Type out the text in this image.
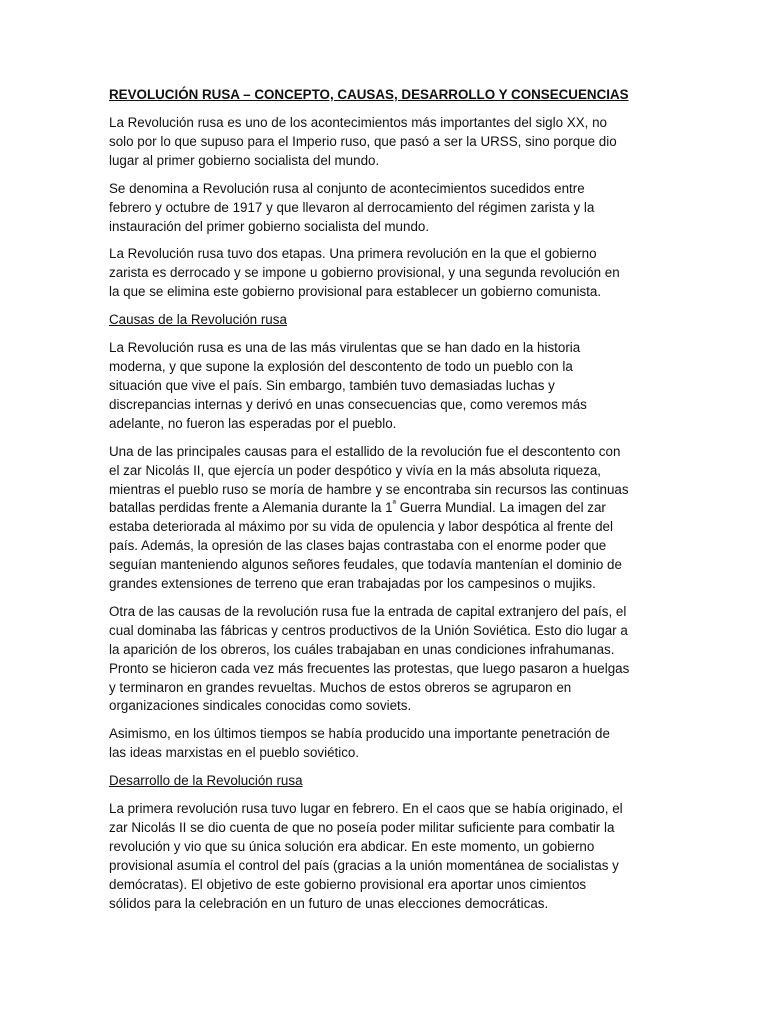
REVOLUCIÓN RUSA – CONCEPTO, CAUSAS, DESARROLLO Y CONSECUENCIAS
La Revolución rusa es uno de los acontecimientos más importantes del siglo XX, no
solo por lo que supuso para el Imperio ruso, que pasó a ser la URSS, sino porque dio
lugar al primer gobierno socialista del mundo.
Se denomina a Revolución rusa al conjunto de acontecimientos sucedidos entre
febrero y octubre de 1917 y que llevaron al derrocamiento del régimen zarista y la
instauración del primer gobierno socialista del mundo.
La Revolución rusa tuvo dos etapas. Una primera revolución en la que el gobierno
zarista es derrocado y se impone u gobierno provisional, y una segunda revolución en
la que se elimina este gobierno provisional para establecer un gobierno comunista.
Causas de la Revolución rusa
La Revolución rusa es una de las más virulentas que se han dado en la historia
moderna, y que supone la explosión del descontento de todo un pueblo con la
situación que vive el país. Sin embargo, también tuvo demasiadas luchas y
discrepancias internas y derivó en unas consecuencias que, como veremos más
adelante, no fueron las esperadas por el pueblo.
Una de las principales causas para el estallido de la revolución fue el descontento con
el zar Nicolás II, que ejercía un poder despótico y vivía en la más absoluta riqueza,
mientras el pueblo ruso se moría de hambre y se encontraba sin recursos las continuas
batallas perdidas frente a Alemania durante la $1^ª$ Guerra Mundial. La imagen del zar
estaba deteriorada al máximo por su vida de opulencia y labor despótica al frente del
país. Además, la opresión de las clases bajas contrastaba con el enorme poder que
seguían manteniendo algunos señores feudales, que todavía mantenían el dominio de
grandes extensiones de terreno que eran trabajadas por los campesinos o mujiks.
Otra de las causas de la revolución rusa fue la entrada de capital extranjero del país, el
cual dominaba las fábricas y centros productivos de la Unión Soviética. Esto dio lugar a
la aparición de los obreros, los cuáles trabajaban en unas condiciones infrahumanas.
Pronto se hicieron cada vez más frecuentes las protestas, que luego pasaron a huelgas
y terminaron en grandes revueltas. Muchos de estos obreros se agruparon en
organizaciones sindicales conocidas como soviets.
Asimismo, en los últimos tiempos se había producido una importante penetración de
las ideas marxistas en el pueblo soviético.
Desarrollo de la Revolución rusa
La primera revolución rusa tuvo lugar en febrero. En el caos que se había originado, el
zar Nicolás II se dio cuenta de que no poseía poder militar suficiente para combatir la
revolución y vio que su única solución era abdicar. En este momento, un gobierno
provisional asumía el control del país (gracias a la unión momentánea de socialistas y
demócratas). El objetivo de este gobierno provisional era aportar unos cimientos
sólidos para la celebración en un futuro de unas elecciones democráticas.
